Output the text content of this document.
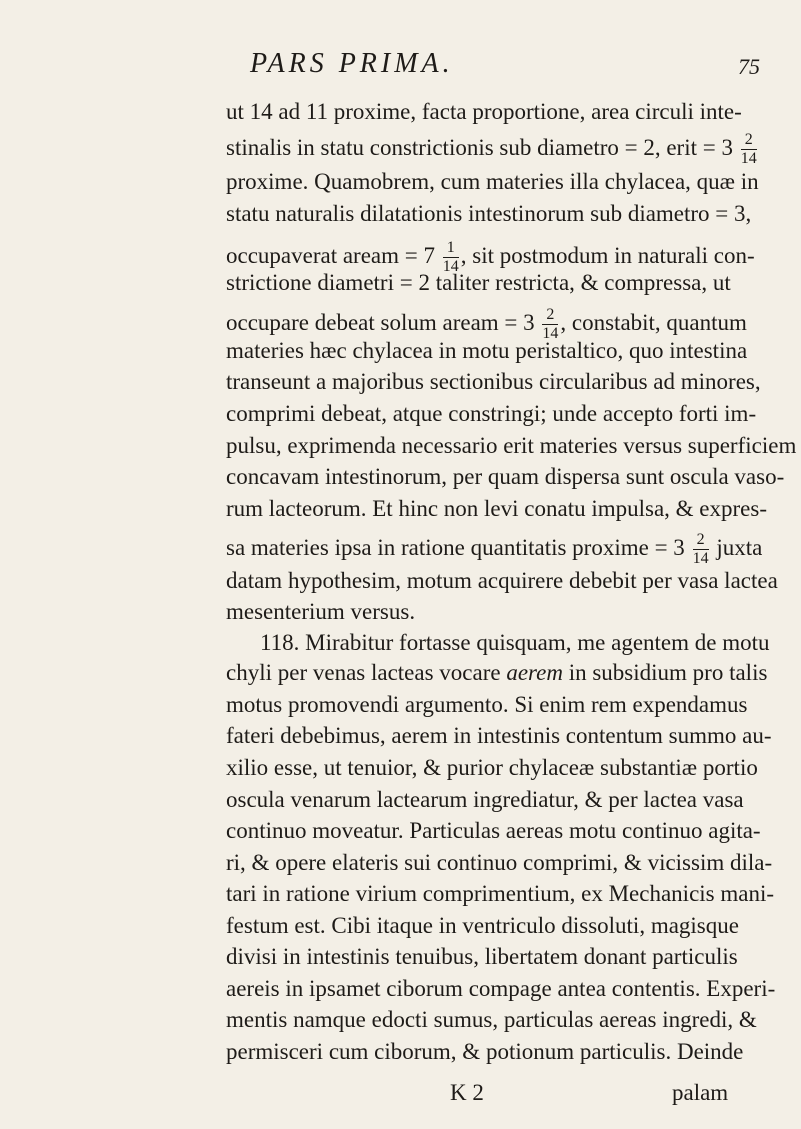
PARS PRIMA.	75
ut 14 ad 11 proxime, facta proportione, area circuli inte-
stinalis in statu constrictionis sub diametro = 2, erit = $3 \frac{2}{14}$
proxime. Quamobrem, cum materies illa chylacea, quæ in
statu naturalis dilatationis intestinorum sub diametro = 3,
occupaverat aream = $7 \frac{1}{14}$ , sit postmodum in naturali con-
strictione diametri = 2 taliter restricta, & compressa, ut
occupare debeat solum aream = $3 \frac{2}{14}$ , constabit, quantum
materies hæc chylacea in motu peristaltico, quo intestina
transeunt a majoribus sectionibus circularibus ad minores,
comprimi debeat, atque constringi; unde accepto forti im-
pulsu, exprimenda necessario erit materies versus superficiem
concavam intestinorum, per quam dispersa sunt oscula vaso-
rum lacteorum. Et hinc non levi conatu impulsa, & expres-
sa materies ipsa in ratione quantitatis proxime = $3 \frac{2}{14}$ juxta
datam hypothesim, motum acquirere debebit per vasa lactea
mesenterium versus.
118. Mirabitur fortasse quisquam, me agentem de motu
chyli per venas lacteas vocare aerem in subsidium pro talis
motus promovendi argumento. Si enim rem expendamus
fateri debebimus, aerem in intestinis contentum summo au-
xilio esse, ut tenuior, & purior chylaceæ substantiæ portio
oscula venarum lactearum ingrediatur, & per lactea vasa
continuo moveatur. Particulas aereas motu continuo agita-
ri, & opere elateris sui continuo comprimi, & vicissim dila-
tari in ratione virium comprimentium, ex Mechanicis mani-
festum est. Cibi itaque in ventriculo dissoluti, magisque
divisi in intestinis tenuibus, libertatem donant particulis
aereis in ipsamet ciborum compage antea contentis. Experi-
mentis namque edocti sumus, particulas aereas ingredi, &
permisceri cum ciborum, & potionum particulis. Deinde
K 2	palam
